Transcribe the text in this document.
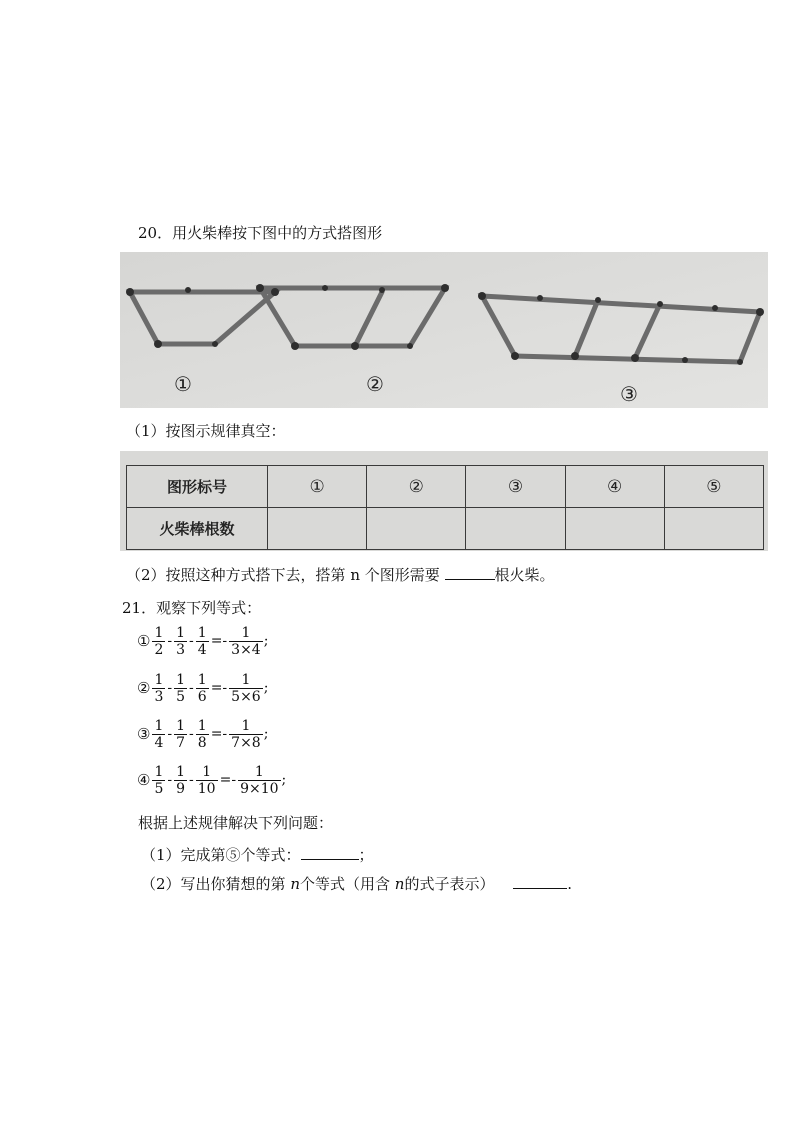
20．用火柴棒按下图中的方式搭图形
①	②	③
（1）按图示规律真空：
图形标号	①	②	③	④	⑤
火柴棒根数					
（2）按照这种方式搭下去，搭第 n 个图形需要	根火柴。
21．观察下列等式：
① $\frac{1}{2} - \frac{1}{3} - \frac{1}{4} =- \frac{1}{3\times 4}$ ;
② $\frac{1}{3} - \frac{1}{5} - \frac{1}{6} =- \frac{1}{5\times 6}$ ;
③ $\frac{1}{4} - \frac{1}{7} - \frac{1}{8} =- \frac{1}{7\times 8}$ ;
④ $\frac{1}{5} - \frac{1}{9} - \frac{1}{10} =- \frac{1}{9\times 10}$ ;
根据上述规律解决下列问题：
（1）完成第⑤个等式：	；
（2）写出你猜想的第 n个等式（用含 n的式子表示）	.
